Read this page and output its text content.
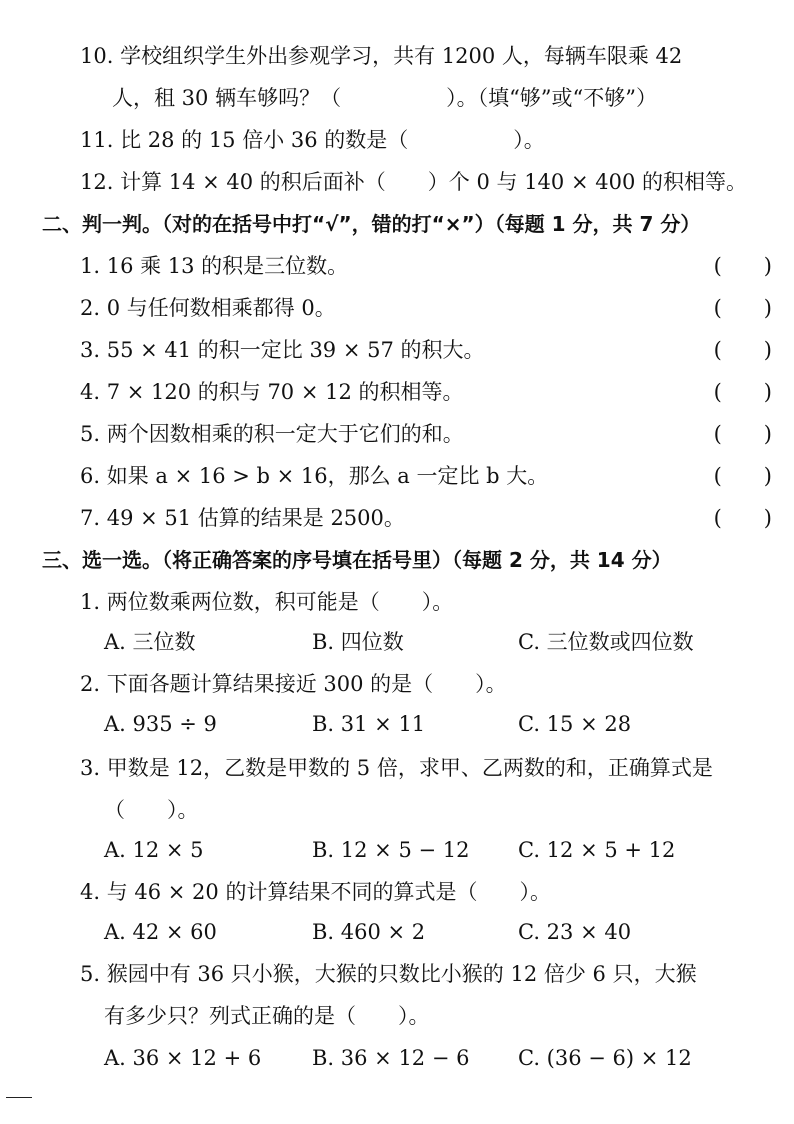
10. 学校组织学生外出参观学习，共有 1200 人，每辆车限乘 42
人，租 30 辆车够吗？（　　　　　）。（填“够”或“不够”）
11. 比 28 的 15 倍小 36 的数是（　　　　　）。
12. 计算 14 × 40 的积后面补（　　）个 0 与 140 × 400 的积相等。
二、判一判。（对的在括号中打“√”，错的打“×”）（每题 1 分，共 7 分）
1. 16 乘 13 的积是三位数。	(　　)
2. 0 与任何数相乘都得 0。	(　　)
3. 55 × 41 的积一定比 39 × 57 的积大。	(　　)
4. 7 × 120 的积与 70 × 12 的积相等。	(　　)
5. 两个因数相乘的积一定大于它们的和。	(　　)
6. 如果 a × 16 > b × 16，那么 a 一定比 b 大。	(　　)
7. 49 × 51 估算的结果是 2500。	(　　)
三、选一选。（将正确答案的序号填在括号里）（每题 2 分，共 14 分）
1. 两位数乘两位数，积可能是（　　）。
A. 三位数	B. 四位数	C. 三位数或四位数
2. 下面各题计算结果接近 300 的是（　　）。
A. 935 ÷ 9	B. 31 × 11	C. 15 × 28
3. 甲数是 12，乙数是甲数的 5 倍，求甲、乙两数的和，正确算式是
（　　）。
A. 12 × 5	B. 12 × 5 − 12 C. 12 × 5 + 12
4. 与 46 × 20 的计算结果不同的算式是（　　）。
A. 42 × 60	B. 460 × 2	C. 23 × 40
5. 猴园中有 36 只小猴，大猴的只数比小猴的 12 倍少 6 只，大猴
有多少只？列式正确的是（　　）。
A. 36 × 12 + 6 B. 36 × 12 − 6 C. (36 − 6) × 12
